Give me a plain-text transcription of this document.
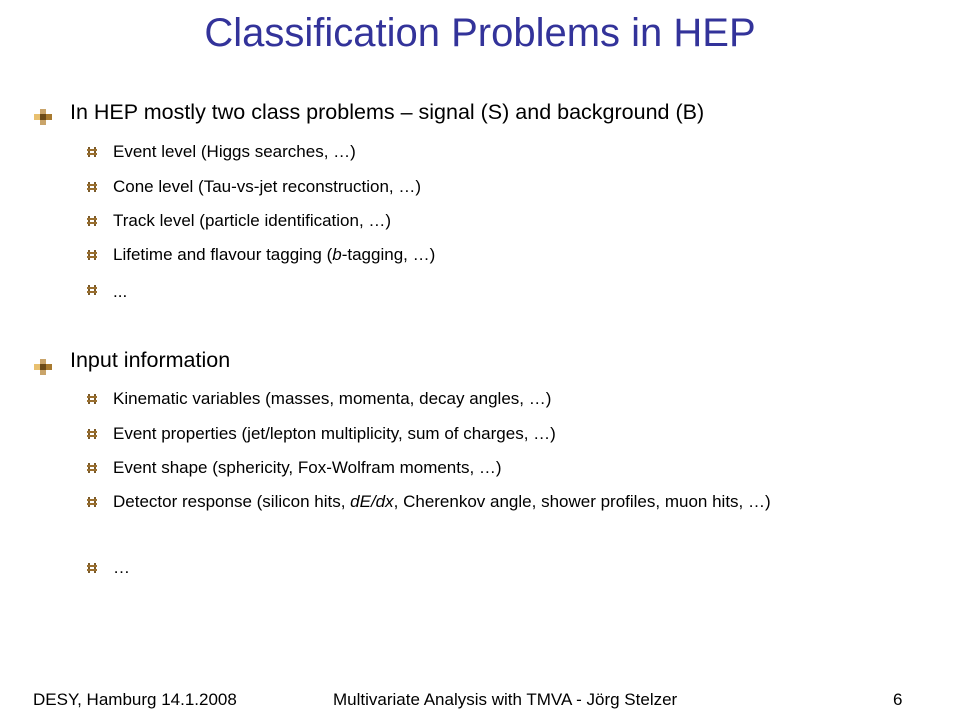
Classification Problems in HEP
In HEP mostly two class problems – signal (S) and background (B)
Event level (Higgs searches, …)
Cone level (Tau-vs-jet reconstruction, …)
Track level (particle identification, …)
Lifetime and flavour tagging (b-tagging, …)
...
Input information
Kinematic variables (masses, momenta, decay angles, …)
Event properties (jet/lepton multiplicity, sum of charges, …)
Event shape (sphericity, Fox-Wolfram moments, …)
Detector response (silicon hits, dE/dx, Cherenkov angle, shower profiles, muon hits, …)
…
DESY, Hamburg 14.1.2008	Multivariate Analysis with TMVA - Jörg Stelzer	6
